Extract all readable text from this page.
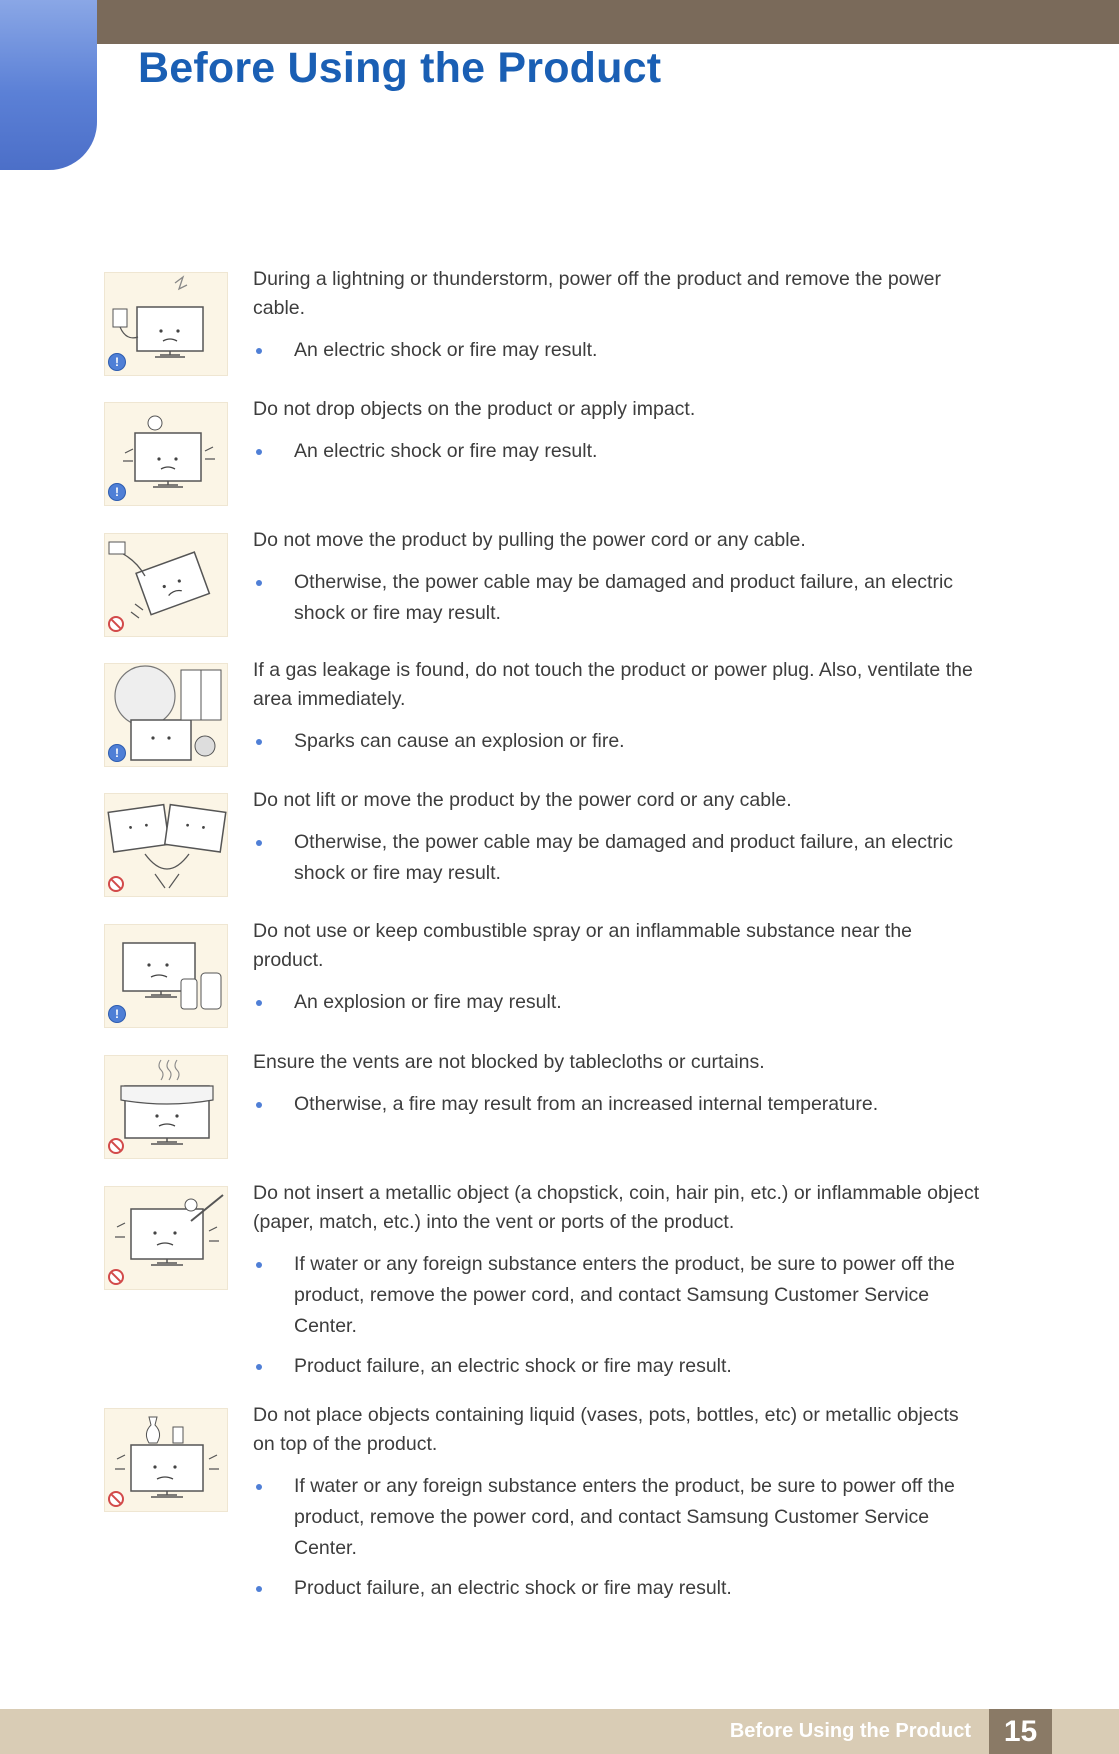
Before Using the Product
!

During a lightning or thunderstorm, power off the product and remove the power cable.

An electric shock or fire may result.
!

Do not drop objects on the product or apply impact.

An electric shock or fire may result.

Do not move the product by pulling the power cord or any cable.

Otherwise, the power cable may be damaged and product failure, an electric shock or fire may result.
!

If a gas leakage is found, do not touch the product or power plug. Also, ventilate the area immediately.

Sparks can cause an explosion or fire.

Do not lift or move the product by the power cord or any cable.

Otherwise, the power cable may be damaged and product failure, an electric shock or fire may result.
!

Do not use or keep combustible spray or an inflammable substance near the product.

An explosion or fire may result.

Ensure the vents are not blocked by tablecloths or curtains.

Otherwise, a fire may result from an increased internal temperature.

Do not insert a metallic object (a chopstick, coin, hair pin, etc.) or inflammable object (paper, match, etc.) into the vent or ports of the product.

If water or any foreign substance enters the product, be sure to power off the product, remove the power cord, and contact Samsung Customer Service Center.
Product failure, an electric shock or fire may result.

Do not place objects containing liquid (vases, pots, bottles, etc) or metallic objects on top of the product.

If water or any foreign substance enters the product, be sure to power off the product, remove the power cord, and contact Samsung Customer Service Center.
Product failure, an electric shock or fire may result.
Before Using the Product	15
